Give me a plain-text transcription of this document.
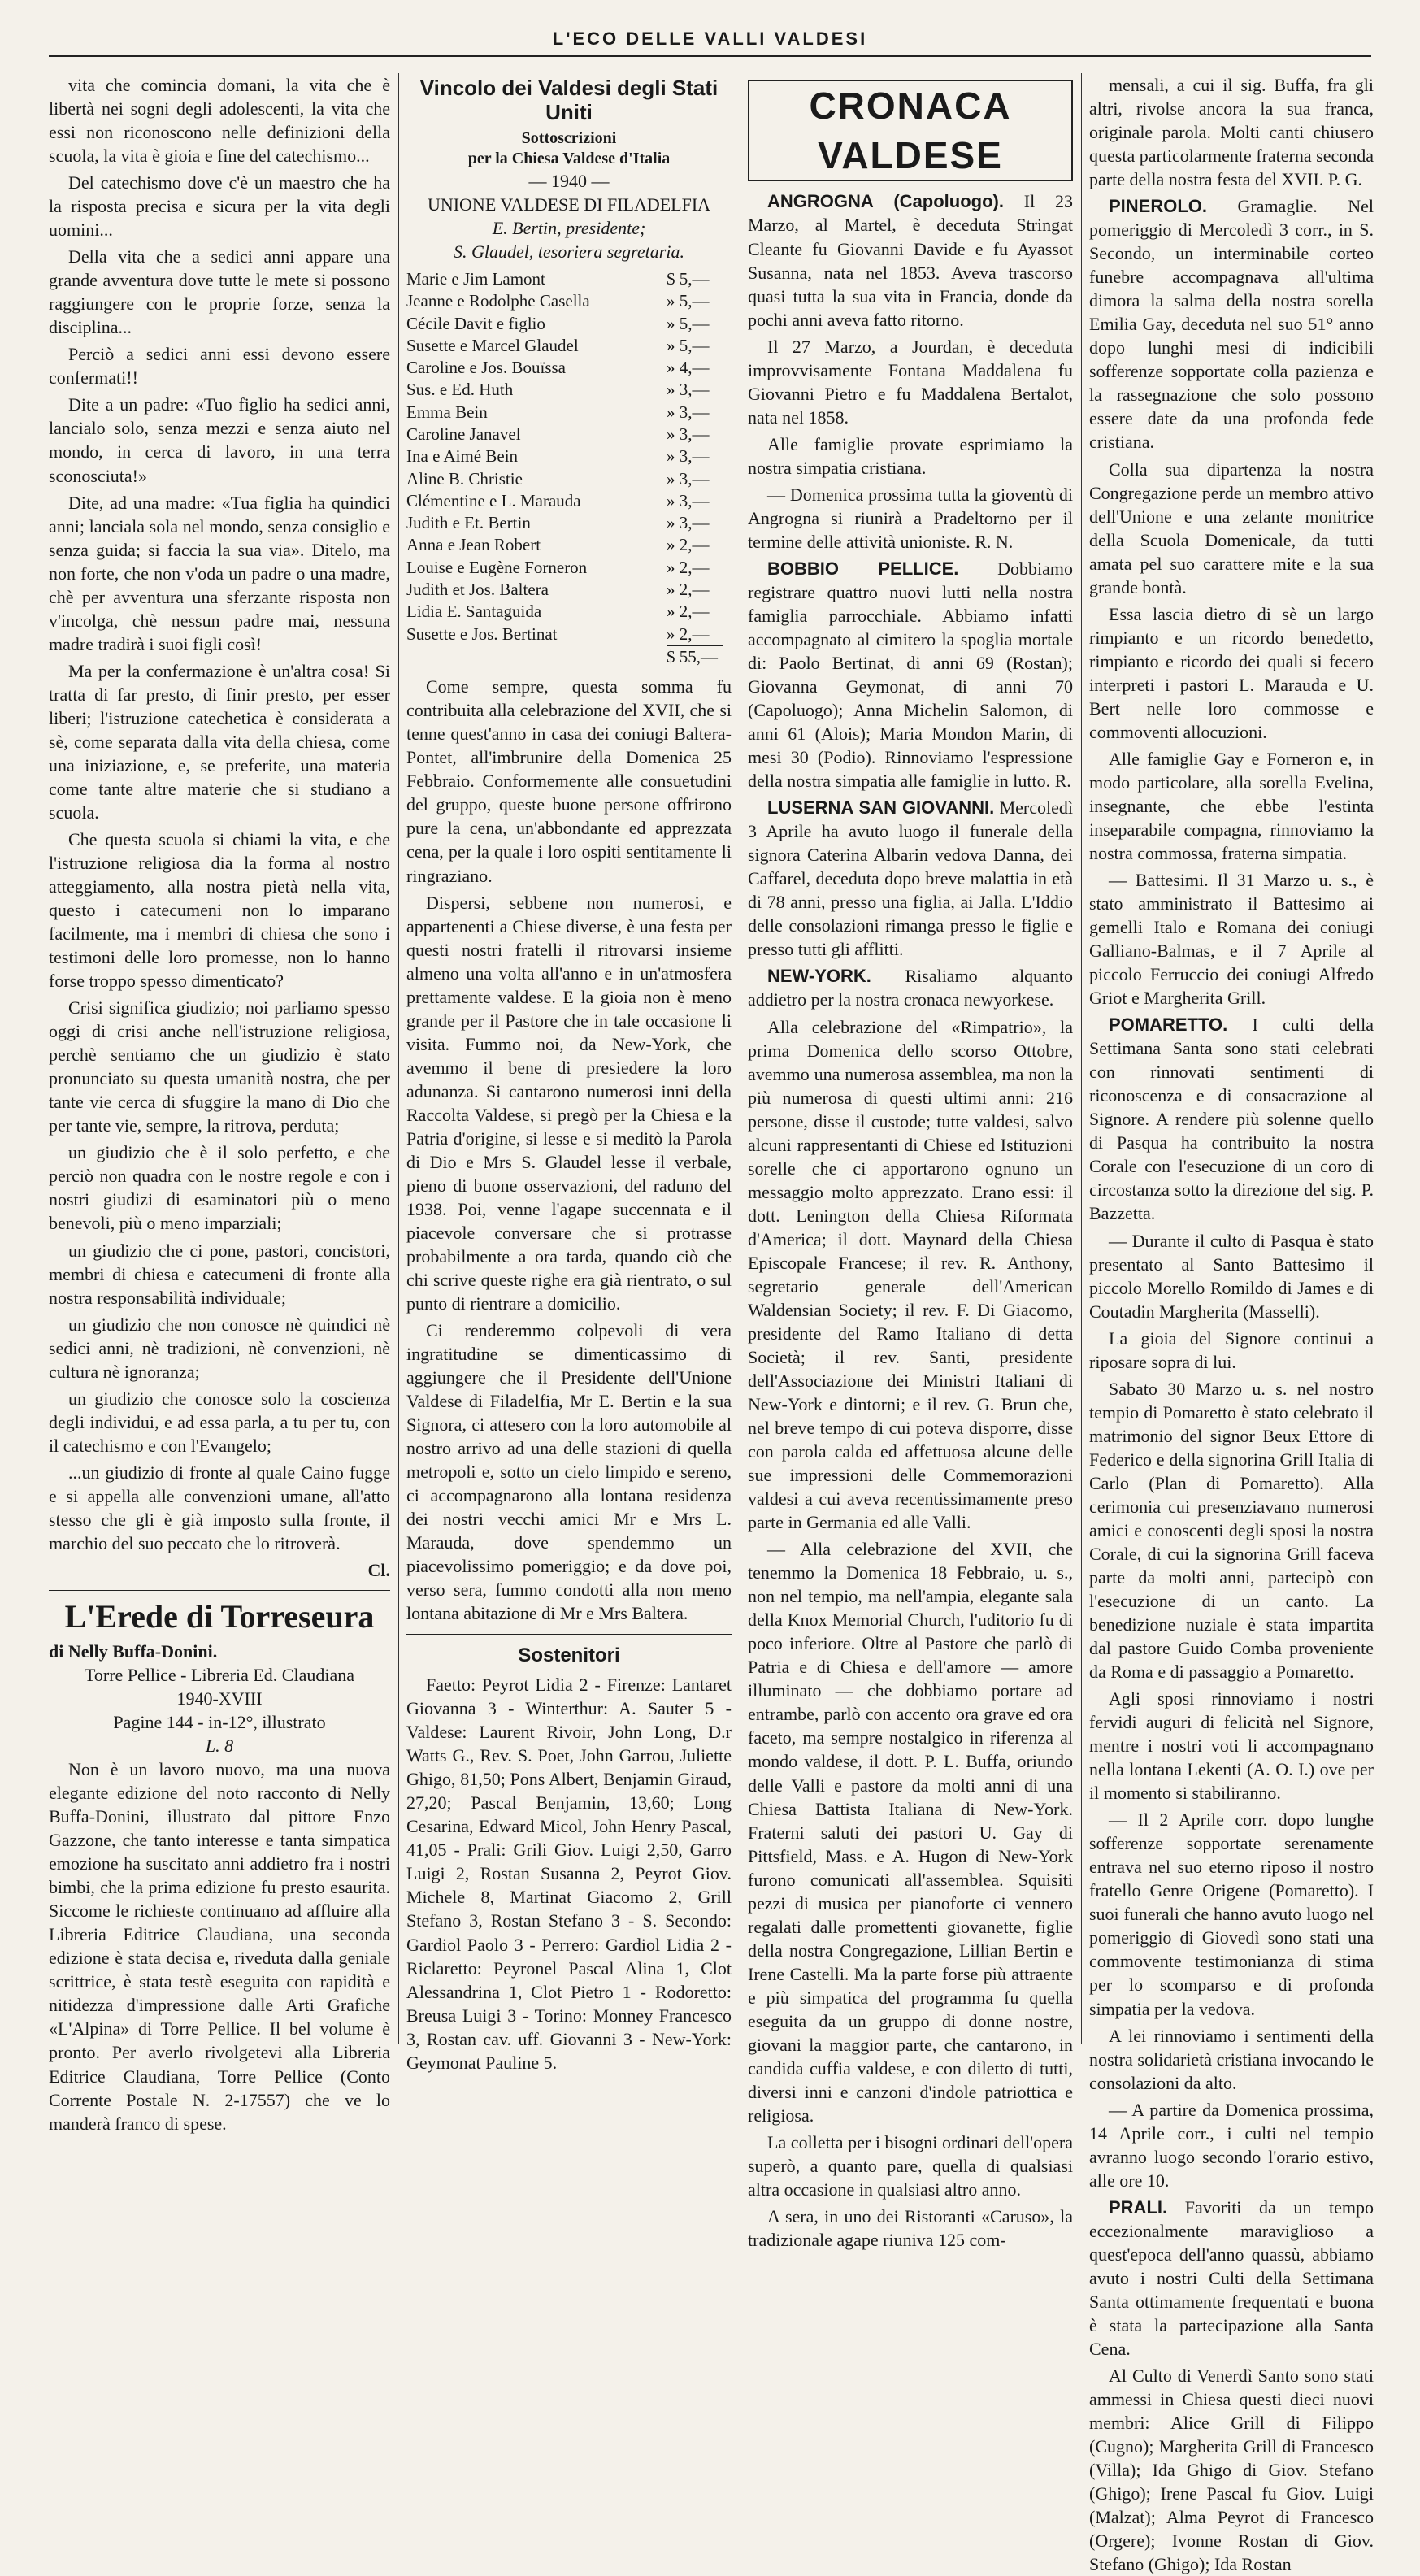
L'ECO DELLE VALLI VALDESI

vita che comincia domani, la vita che è libertà nei sogni degli adolescenti, la vita che essi non riconoscono nelle definizioni della scuola, la vita è gioia e fine del catechismo...

Del catechismo dove c'è un maestro che ha la risposta precisa e sicura per la vita degli uomini...

Della vita che a sedici anni appare una grande avventura dove tutte le mete si possono raggiungere con le proprie forze, senza la disciplina...

Perciò a sedici anni essi devono essere confermati!!

Dite a un padre: «Tuo figlio ha sedici anni, lancialo solo, senza mezzi e senza aiuto nel mondo, in cerca di lavoro, in una terra sconosciuta!»

Dite, ad una madre: «Tua figlia ha quindici anni; lanciala sola nel mondo, senza consiglio e senza guida; si faccia la sua via». Ditelo, ma non forte, che non v'oda un padre o una madre, chè per avventura una sferzante risposta non v'incolga, chè nessun padre mai, nessuna madre tradirà i suoi figli così!

Ma per la confermazione è un'altra cosa! Si tratta di far presto, di finir presto, per esser liberi; l'istruzione catechetica è considerata a sè, come separata dalla vita della chiesa, come una iniziazione, e, se preferite, una materia come tante altre materie che si studiano a scuola.

Che questa scuola si chiami la vita, e che l'istruzione religiosa dia la forma al nostro atteggiamento, alla nostra pietà nella vita, questo i catecumeni non lo imparano facilmente, ma i membri di chiesa che sono i testimoni delle loro promesse, non lo hanno forse troppo spesso dimenticato?

Crisi significa giudizio; noi parliamo spesso oggi di crisi anche nell'istruzione religiosa, perchè sentiamo che un giudizio è stato pronunciato su questa umanità nostra, che per tante vie cerca di sfuggire la mano di Dio che per tante vie, sempre, la ritrova, perduta;

un giudizio che è il solo perfetto, e che perciò non quadra con le nostre regole e con i nostri giudizi di esaminatori più o meno benevoli, più o meno imparziali;

un giudizio che ci pone, pastori, concistori, membri di chiesa e catecumeni di fronte alla nostra responsabilità individuale;

un giudizio che non conosce nè quindici nè sedici anni, nè tradizioni, nè convenzioni, nè cultura nè ignoranza;

un giudizio che conosce solo la coscienza degli individui, e ad essa parla, a tu per tu, con il catechismo e con l'Evangelo;

...un giudizio di fronte al quale Caino fugge e si appella alle convenzioni umane, all'atto stesso che gli è già imposto sulla fronte, il marchio del suo peccato che lo ritroverà.

Cl.
L'Erede di Torreseura
di Nelly Buffa-Donini.
Torre Pellice - Libreria Ed. Claudiana
1940-XVIII
Pagine 144 - in-12°, illustrato
L. 8

Non è un lavoro nuovo, ma una nuova elegante edizione del noto racconto di Nelly Buffa-Donini, illustrato dal pittore Enzo Gazzone, che tanto interesse e tanta simpatica emozione ha suscitato anni addietro fra i nostri bimbi, che la prima edizione fu presto esaurita. Siccome le richieste continuano ad affluire alla Libreria Editrice Claudiana, una seconda edizione è stata decisa e, riveduta dalla geniale scrittrice, è stata testè eseguita con rapidità e nitidezza d'impressione dalle Arti Grafiche «L'Alpina» di Torre Pellice. Il bel volume è pronto. Per averlo rivolgetevi alla Libreria Editrice Claudiana, Torre Pellice (Conto Corrente Postale N. 2-17557) che ve lo manderà franco di spese.

Vincolo dei Valdesi degli Stati Uniti
Sottoscrizioni
per la Chiesa Valdese d'Italia
— 1940 —
UNIONE VALDESE DI FILADELFIA
E. Bertin, presidente;
S. Glaudel, tesoriera segretaria.
Marie e Jim Lamont	$ 5,—
Jeanne e Rodolphe Casella	» 5,—
Cécile Davit e figlio	» 5,—
Susette e Marcel Glaudel	» 5,—
Caroline e Jos. Bouïssa	» 4,—
Sus. e Ed. Huth	» 3,—
Emma Bein	» 3,—
Caroline Janavel	» 3,—
Ina e Aimé Bein	» 3,—
Aline B. Christie	» 3,—
Clémentine e L. Marauda	» 3,—
Judith e Et. Bertin	» 3,—
Anna e Jean Robert	» 2,—
Louise e Eugène Forneron	» 2,—
Judith et Jos. Baltera	» 2,—
Lidia E. Santaguida	» 2,—
Susette e Jos. Bertinat	» 2,—
$ 55,—

Come sempre, questa somma fu contribuita alla celebrazione del XVII, che si tenne quest'anno in casa dei coniugi Baltera-Pontet, all'imbrunire della Domenica 25 Febbraio. Conformemente alle consuetudini del gruppo, queste buone persone offrirono pure la cena, un'abbondante ed apprezzata cena, per la quale i loro ospiti sentitamente li ringraziano.

Dispersi, sebbene non numerosi, e appartenenti a Chiese diverse, è una festa per questi nostri fratelli il ritrovarsi insieme almeno una volta all'anno e in un'atmosfera prettamente valdese. E la gioia non è meno grande per il Pastore che in tale occasione li visita. Fummo noi, da New-York, che avemmo il bene di presiedere la loro adunanza. Si cantarono numerosi inni della Raccolta Valdese, si pregò per la Chiesa e la Patria d'origine, si lesse e si meditò la Parola di Dio e Mrs S. Glaudel lesse il verbale, pieno di buone osservazioni, del raduno del 1938. Poi, venne l'agape succennata e il piacevole conversare che si protrasse probabilmente a ora tarda, quando ciò che chi scrive queste righe era già rientrato, o sul punto di rientrare a domicilio.

Ci renderemmo colpevoli di vera ingratitudine se dimenticassimo di aggiungere che il Presidente dell'Unione Valdese di Filadelfia, Mr E. Bertin e la sua Signora, ci attesero con la loro automobile al nostro arrivo ad una delle stazioni di quella metropoli e, sotto un cielo limpido e sereno, ci accompagnarono alla lontana residenza dei nostri vecchi amici Mr e Mrs L. Marauda, dove spendemmo un piacevolissimo pomeriggio; e da dove poi, verso sera, fummo condotti alla non meno lontana abitazione di Mr e Mrs Baltera.

Sostenitori

Faetto: Peyrot Lidia 2 - Firenze: Lantaret Giovanna 3 - Winterthur: A. Sauter 5 - Valdese: Laurent Rivoir, John Long, D.r Watts G., Rev. S. Poet, John Garrou, Juliette Ghigo, 81,50; Pons Albert, Benjamin Giraud, 27,20; Pascal Benjamin, 13,60; Long Cesarina, Edward Micol, John Henry Pascal, 41,05 - Prali: Grili Giov. Luigi 2,50, Garro Luigi 2, Rostan Susanna 2, Peyrot Giov. Michele 8, Martinat Giacomo 2, Grill Stefano 3, Rostan Stefano 3 - S. Secondo: Gardiol Paolo 3 - Perrero: Gardiol Lidia 2 - Riclaretto: Peyronel Pascal Alina 1, Clot Alessandrina 1, Clot Pietro 1 - Rodoretto: Breusa Luigi 3 - Torino: Monney Francesco 3, Rostan cav. uff. Giovanni 3 - New-York: Geymonat Pauline 5.

CRONACA VALDESE

ANGROGNA (Capoluogo). Il 23 Marzo, al Martel, è deceduta Stringat Cleante fu Giovanni Davide e fu Ayassot Susanna, nata nel 1853. Aveva trascorso quasi tutta la sua vita in Francia, donde da pochi anni aveva fatto ritorno.

Il 27 Marzo, a Jourdan, è deceduta improvvisamente Fontana Maddalena fu Giovanni Pietro e fu Maddalena Bertalot, nata nel 1858.

Alle famiglie provate esprimiamo la nostra simpatia cristiana.

— Domenica prossima tutta la gioventù di Angrogna si riunirà a Pradeltorno per il termine delle attività unioniste. R. N.

BOBBIO PELLICE. Dobbiamo registrare quattro nuovi lutti nella nostra famiglia parrocchiale. Abbiamo infatti accompagnato al cimitero la spoglia mortale di: Paolo Bertinat, di anni 69 (Rostan); Giovanna Geymonat, di anni 70 (Capoluogo); Anna Michelin Salomon, di anni 61 (Alois); Maria Mondon Marin, di mesi 30 (Podio). Rinnoviamo l'espressione della nostra simpatia alle famiglie in lutto. R.

LUSERNA SAN GIOVANNI. Mercoledì 3 Aprile ha avuto luogo il funerale della signora Caterina Albarin vedova Danna, dei Caffarel, deceduta dopo breve malattia in età di 78 anni, presso una figlia, ai Jalla. L'Iddio delle consolazioni rimanga presso le figlie e presso tutti gli afflitti.

NEW-YORK. Risaliamo alquanto addietro per la nostra cronaca newyorkese.

Alla celebrazione del «Rimpatrio», la prima Domenica dello scorso Ottobre, avemmo una numerosa assemblea, ma non la più numerosa di questi ultimi anni: 216 persone, disse il custode; tutte valdesi, salvo alcuni rappresentanti di Chiese ed Istituzioni sorelle che ci apportarono ognuno un messaggio molto apprezzato. Erano essi: il dott. Lenington della Chiesa Riformata d'America; il dott. Maynard della Chiesa Episcopale Francese; il rev. R. Anthony, segretario generale dell'American Waldensian Society; il rev. F. Di Giacomo, presidente del Ramo Italiano di detta Società; il rev. Santi, presidente dell'Associazione dei Ministri Italiani di New-York e dintorni; e il rev. G. Brun che, nel breve tempo di cui poteva disporre, disse con parola calda ed affettuosa alcune delle sue impressioni delle Commemorazioni valdesi a cui aveva recentissimamente preso parte in Germania ed alle Valli.

— Alla celebrazione del XVII, che tenemmo la Domenica 18 Febbraio, u. s., non nel tempio, ma nell'ampia, elegante sala della Knox Memorial Church, l'uditorio fu di poco inferiore. Oltre al Pastore che parlò di Patria e di Chiesa e dell'amore — amore illuminato — che dobbiamo portare ad entrambe, parlò con accento ora grave ed ora faceto, ma sempre nostalgico in riferenza al mondo valdese, il dott. P. L. Buffa, oriundo delle Valli e pastore da molti anni di una Chiesa Battista Italiana di New-York. Fraterni saluti dei pastori U. Gay di Pittsfield, Mass. e A. Hugon di New-York furono comunicati all'assemblea. Squisiti pezzi di musica per pianoforte ci vennero regalati dalle promettenti giovanette, figlie della nostra Congregazione, Lillian Bertin e Irene Castelli. Ma la parte forse più attraente e più simpatica del programma fu quella eseguita da un gruppo di donne nostre, giovani la maggior parte, che cantarono, in candida cuffia valdese, e con diletto di tutti, diversi inni e canzoni d'indole patriottica e religiosa.

La colletta per i bisogni ordinari dell'opera superò, a quanto pare, quella di qualsiasi altra occasione in qualsiasi altro anno.

A sera, in uno dei Ristoranti «Caruso», la tradizionale agape riuniva 125 com-

mensali, a cui il sig. Buffa, fra gli altri, rivolse ancora la sua franca, originale parola. Molti canti chiusero questa particolarmente fraterna seconda parte della nostra festa del XVII. P. G.

PINEROLO. Gramaglie. Nel pomeriggio di Mercoledì 3 corr., in S. Secondo, un interminabile corteo funebre accompagnava all'ultima dimora la salma della nostra sorella Emilia Gay, deceduta nel suo 51° anno dopo lunghi mesi di indicibili sofferenze sopportate colla pazienza e la rassegnazione che solo possono essere date da una profonda fede cristiana.

Colla sua dipartenza la nostra Congregazione perde un membro attivo dell'Unione e una zelante monitrice della Scuola Domenicale, da tutti amata pel suo carattere mite e la sua grande bontà.

Essa lascia dietro di sè un largo rimpianto e un ricordo benedetto, rimpianto e ricordo dei quali si fecero interpreti i pastori L. Marauda e U. Bert nelle loro commosse e commoventi allocuzioni.

Alle famiglie Gay e Forneron e, in modo particolare, alla sorella Evelina, insegnante, che ebbe l'estinta inseparabile compagna, rinnoviamo la nostra commossa, fraterna simpatia.

— Battesimi. Il 31 Marzo u. s., è stato amministrato il Battesimo ai gemelli Italo e Romana dei coniugi Galliano-Balmas, e il 7 Aprile al piccolo Ferruccio dei coniugi Alfredo Griot e Margherita Grill.

POMARETTO. I culti della Settimana Santa sono stati celebrati con rinnovati sentimenti di riconoscenza e di consacrazione al Signore. A rendere più solenne quello di Pasqua ha contribuito la nostra Corale con l'esecuzione di un coro di circostanza sotto la direzione del sig. P. Bazzetta.

— Durante il culto di Pasqua è stato presentato al Santo Battesimo il piccolo Morello Romildo di James e di Coutadin Margherita (Masselli).

La gioia del Signore continui a riposare sopra di lui.

Sabato 30 Marzo u. s. nel nostro tempio di Pomaretto è stato celebrato il matrimonio del signor Beux Ettore di Federico e della signorina Grill Italia di Carlo (Plan di Pomaretto). Alla cerimonia cui presenziavano numerosi amici e conoscenti degli sposi la nostra Corale, di cui la signorina Grill faceva parte da molti anni, partecipò con l'esecuzione di un canto. La benedizione nuziale è stata impartita dal pastore Guido Comba proveniente da Roma e di passaggio a Pomaretto.

Agli sposi rinnoviamo i nostri fervidi auguri di felicità nel Signore, mentre i nostri voti li accompagnano nella lontana Lekenti (A. O. I.) ove per il momento si stabiliranno.

— Il 2 Aprile corr. dopo lunghe sofferenze sopportate serenamente entrava nel suo eterno riposo il nostro fratello Genre Origene (Pomaretto). I suoi funerali che hanno avuto luogo nel pomeriggio di Giovedì sono stati una commovente testimonianza di stima per lo scomparso e di profonda simpatia per la vedova.

A lei rinnoviamo i sentimenti della nostra solidarietà cristiana invocando le consolazioni da alto.

— A partire da Domenica prossima, 14 Aprile corr., i culti nel tempio avranno luogo secondo l'orario estivo, alle ore 10.

PRALI. Favoriti da un tempo eccezionalmente maraviglioso a quest'epoca dell'anno quassù, abbiamo avuto i nostri Culti della Settimana Santa ottimamente frequentati e buona è stata la partecipazione alla Santa Cena.

Al Culto di Venerdì Santo sono stati ammessi in Chiesa questi dieci nuovi membri: Alice Grill di Filippo (Cugno); Margherita Grill di Francesco (Villa); Ida Ghigo di Giov. Stefano (Ghigo); Irene Pascal fu Giov. Luigi (Malzat); Alma Peyrot di Francesco (Orgere); Ivonne Rostan di Giov. Stefano (Ghigo); Ida Rostan
